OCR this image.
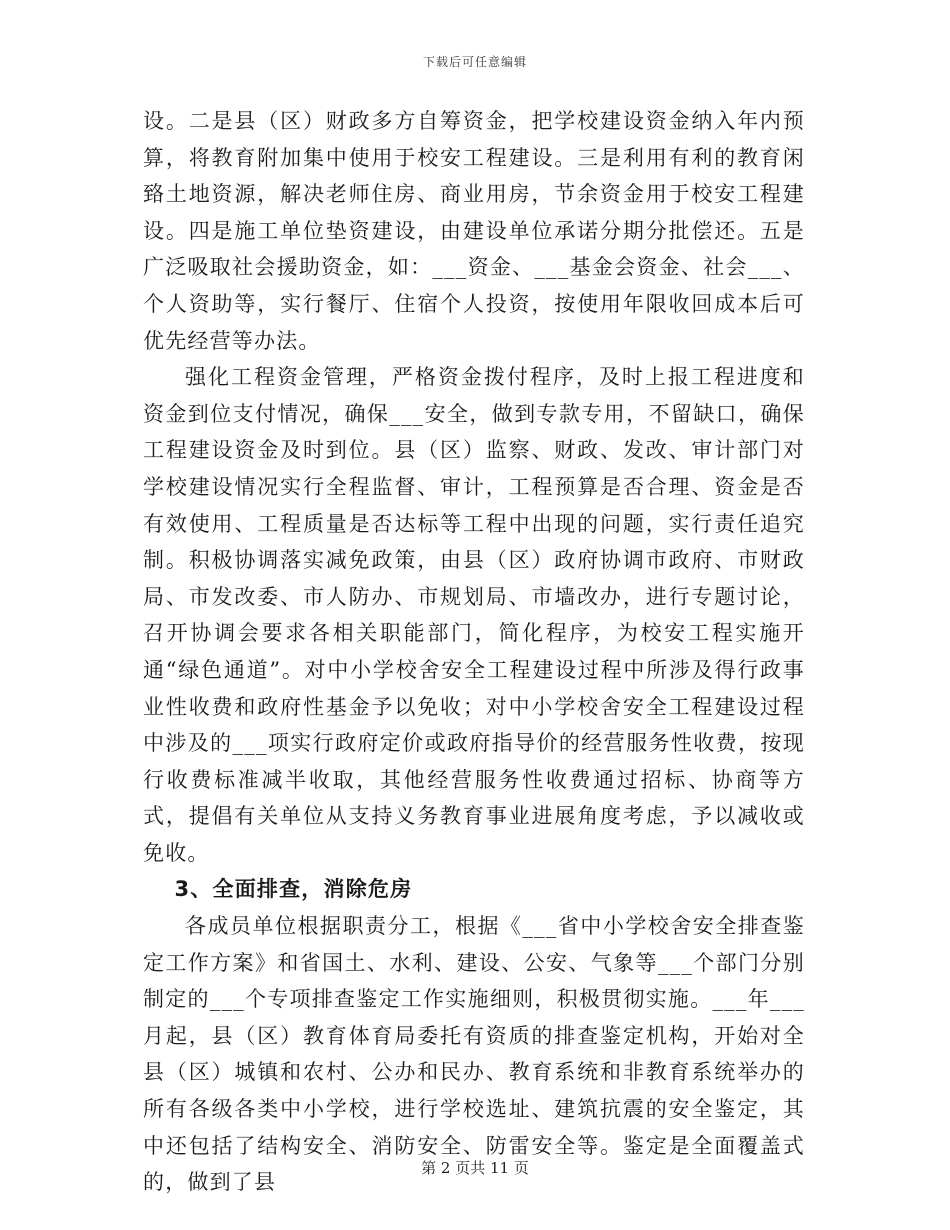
下载后可任意编辑

设。二是县（区）财政多方自筹资金，把学校建设资金纳入年内预算，将教育附加集中使用于校安工程建设。三是利用有利的教育闲臵土地资源，解决老师住房、商业用房，节余资金用于校安工程建设。四是施工单位垫资建设，由建设单位承诺分期分批偿还。五是广泛吸取社会援助资金，如：___资金、___基金会资金、社会___、个人资助等，实行餐厅、住宿个人投资，按使用年限收回成本后可优先经营等办法。

强化工程资金管理，严格资金拨付程序，及时上报工程进度和资金到位支付情况，确保___安全，做到专款专用，不留缺口，确保工程建设资金及时到位。县（区）监察、财政、发改、审计部门对学校建设情况实行全程监督、审计，工程预算是否合理、资金是否有效使用、工程质量是否达标等工程中出现的问题，实行责任追究制。积极协调落实减免政策，由县（区）政府协调市政府、市财政局、市发改委、市人防办、市规划局、市墙改办，进行专题讨论，召开协调会要求各相关职能部门，简化程序，为校安工程实施开通“绿色通道”。对中小学校舍安全工程建设过程中所涉及得行政事业性收费和政府性基金予以免收；对中小学校舍安全工程建设过程中涉及的___项实行政府定价或政府指导价的经营服务性收费，按现行收费标准减半收取，其他经营服务性收费通过招标、协商等方式，提倡有关单位从支持义务教育事业进展角度考虑，予以减收或免收。

3、全面排查，消除危房

各成员单位根据职责分工，根据《___省中小学校舍安全排查鉴定工作方案》和省国土、水利、建设、公安、气象等___个部门分别制定的___个专项排查鉴定工作实施细则，积极贯彻实施。___年___月起，县（区）教育体育局委托有资质的排查鉴定机构，开始对全县（区）城镇和农村、公办和民办、教育系统和非教育系统举办的所有各级各类中小学校，进行学校选址、建筑抗震的安全鉴定，其中还包括了结构安全、消防安全、防雷安全等。鉴定是全面覆盖式的，做到了县

第 2 页共 11 页
